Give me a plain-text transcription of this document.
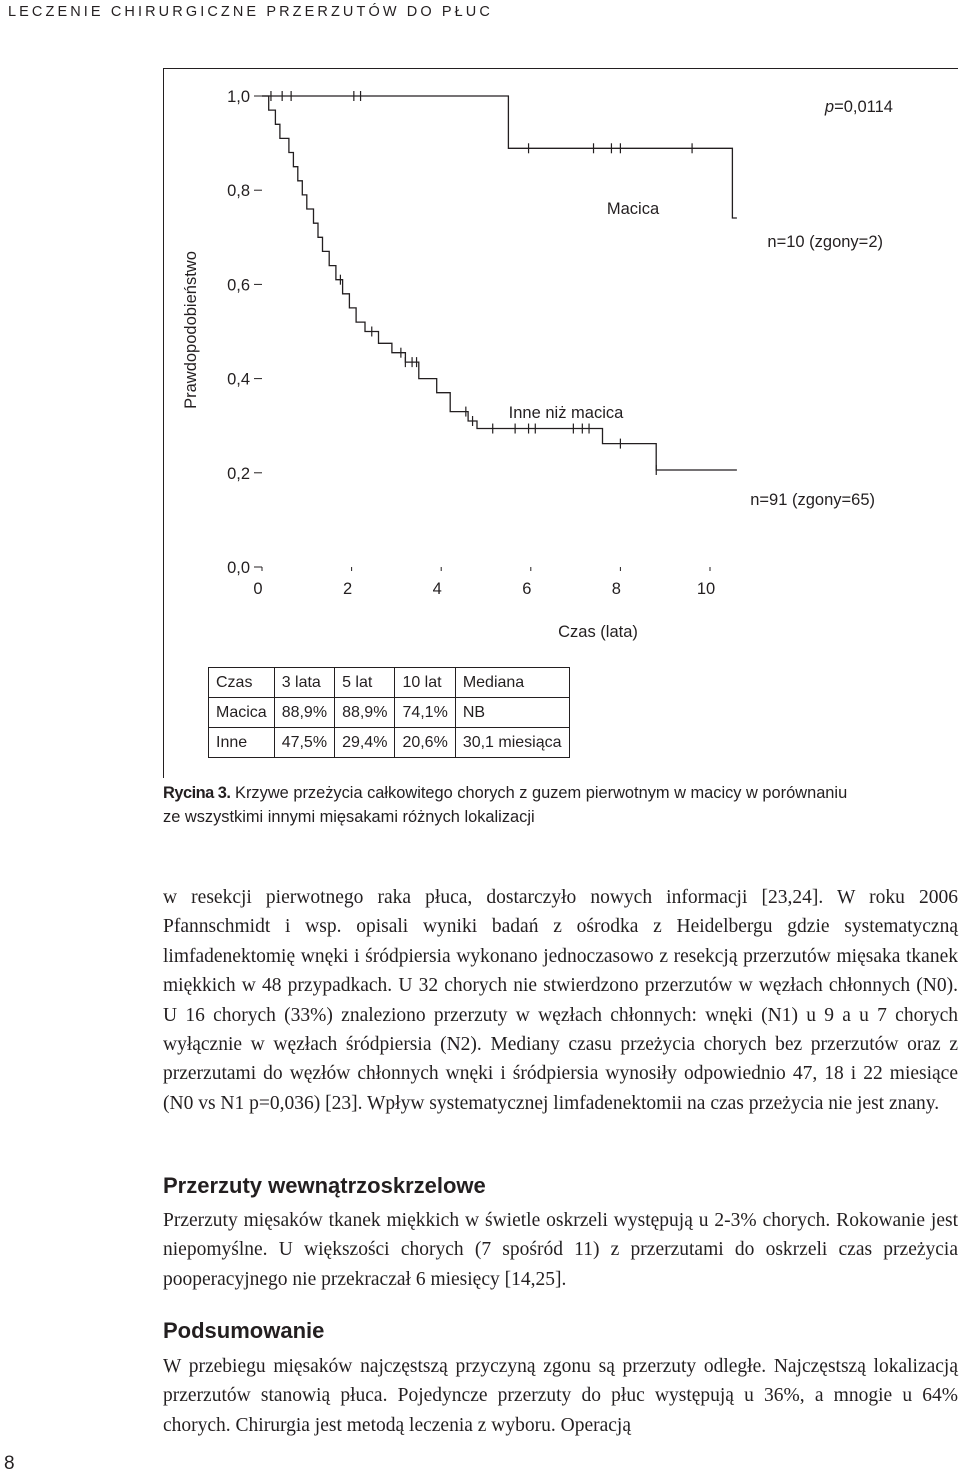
LECZENIE CHIRURGICZNE PRZERZUTÓW DO PŁUC
1,0
0,8
0,6
0,4
0,2
0,0
0	2	4	6	8	10
Czas (lata)
Prawdopodobieństwo
p=0,0114
Macica
n=10 (zgony=2)
Inne niż macica
n=91 (zgony=65)
Czas	3 lata	5 lat	10 lat	Mediana
Macica	88,9%	88,9%	74,1%	NB
Inne	47,5%	29,4%	20,6%	30,1 miesiąca
Rycina 3. Krzywe przeżycia całkowitego chorych z guzem pierwotnym w macicy w porównaniu ze wszystkimi innymi mięsakami różnych lokalizacji

w resekcji pierwotnego raka płuca, dostarczyło nowych informacji [23,24]. W roku 2006 Pfannschmidt i wsp. opisali wyniki badań z ośrodka z Heidelbergu gdzie systematyczną limfadenektomię wnęki i śródpiersia wykonano jednoczasowo z resekcją przerzutów mięsaka tkanek miękkich w 48 przypadkach. U 32 chorych nie stwierdzono przerzutów w węzłach chłonnych (N0). U 16 chorych (33%) znaleziono przerzuty w węzłach chłonnych: wnęki (N1) u 9 a u 7 chorych wyłącznie w węzłach śródpiersia (N2). Mediany czasu przeżycia chorych bez przerzutów oraz z przerzutami do węzłów chłonnych wnęki i śródpiersia wynosiły odpowiednio 47, 18 i 22 miesiące (N0 vs N1 p=0,036) [23]. Wpływ systematycznej limfadenektomii na czas przeżycia nie jest znany.

Przerzuty wewnątrzoskrzelowe

Przerzuty mięsaków tkanek miękkich w świetle oskrzeli występują u 2-3% chorych. Rokowanie jest niepomyślne. U większości chorych (7 spośród 11) z przerzutami do oskrzeli czas przeżycia pooperacyjnego nie przekraczał 6 miesięcy [14,25].

Podsumowanie

W przebiegu mięsaków najczęstszą przyczyną zgonu są przerzuty odległe. Najczęstszą lokalizacją przerzutów stanowią płuca. Pojedyncze przerzuty do płuc występują u 36%, a mnogie u 64% chorych. Chirurgia jest metodą leczenia z wyboru. Operacją

8
